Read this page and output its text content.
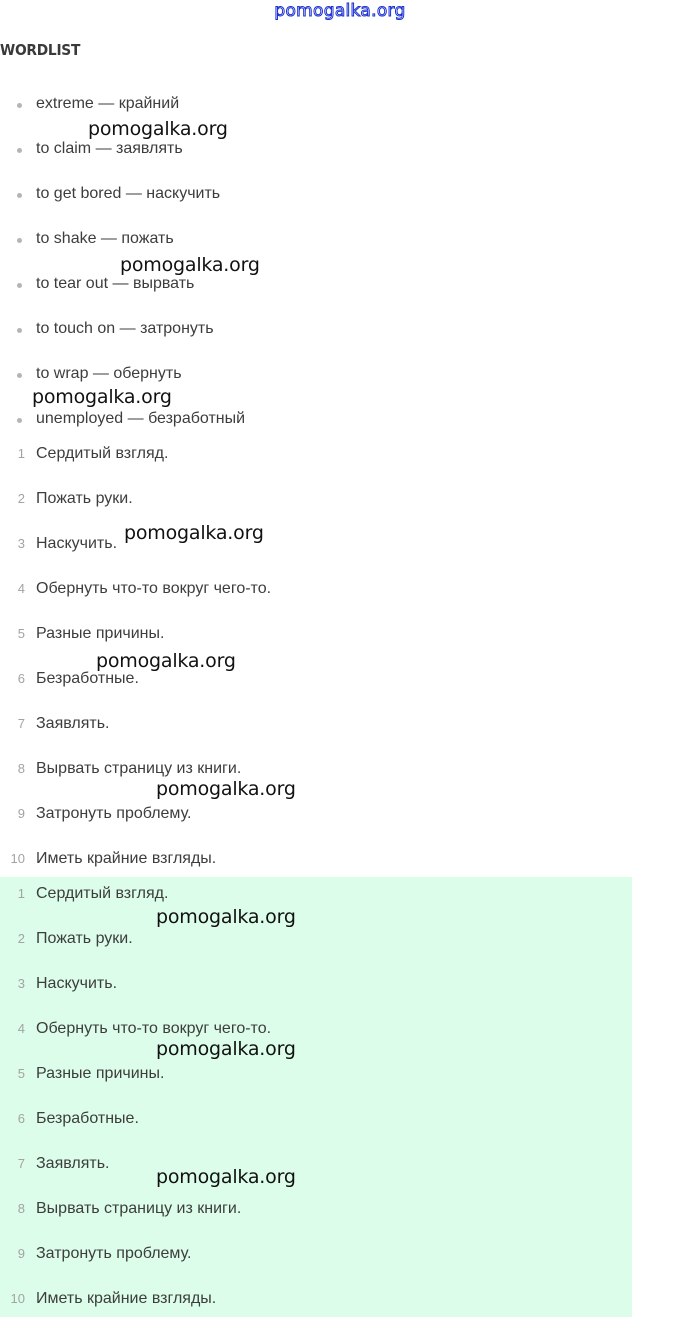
pomogalka.org
WORDLIST
extreme — крайний
to claim — заявлять
to get bored — наскучить
to shake — пожать
to tear out — вырвать
to touch on — затронуть
to wrap — обернуть
unemployed — безработный
1 Сердитый взгляд.
2 Пожать руки.
3 Наскучить.
4 Обернуть что-то вокруг чего-то.
5 Разные причины.
6 Безработные.
7 Заявлять.
8 Вырвать страницу из книги.
9 Затронуть проблему.
10 Иметь крайние взгляды.
1 Сердитый взгляд.
2 Пожать руки.
3 Наскучить.
4 Обернуть что-то вокруг чего-то.
5 Разные причины.
6 Безработные.
7 Заявлять.
8 Вырвать страницу из книги.
9 Затронуть проблему.
10 Иметь крайние взгляды.
pomogalka.org
pomogalka.org
pomogalka.org
pomogalka.org
pomogalka.org
pomogalka.org
pomogalka.org
pomogalka.org
pomogalka.org
